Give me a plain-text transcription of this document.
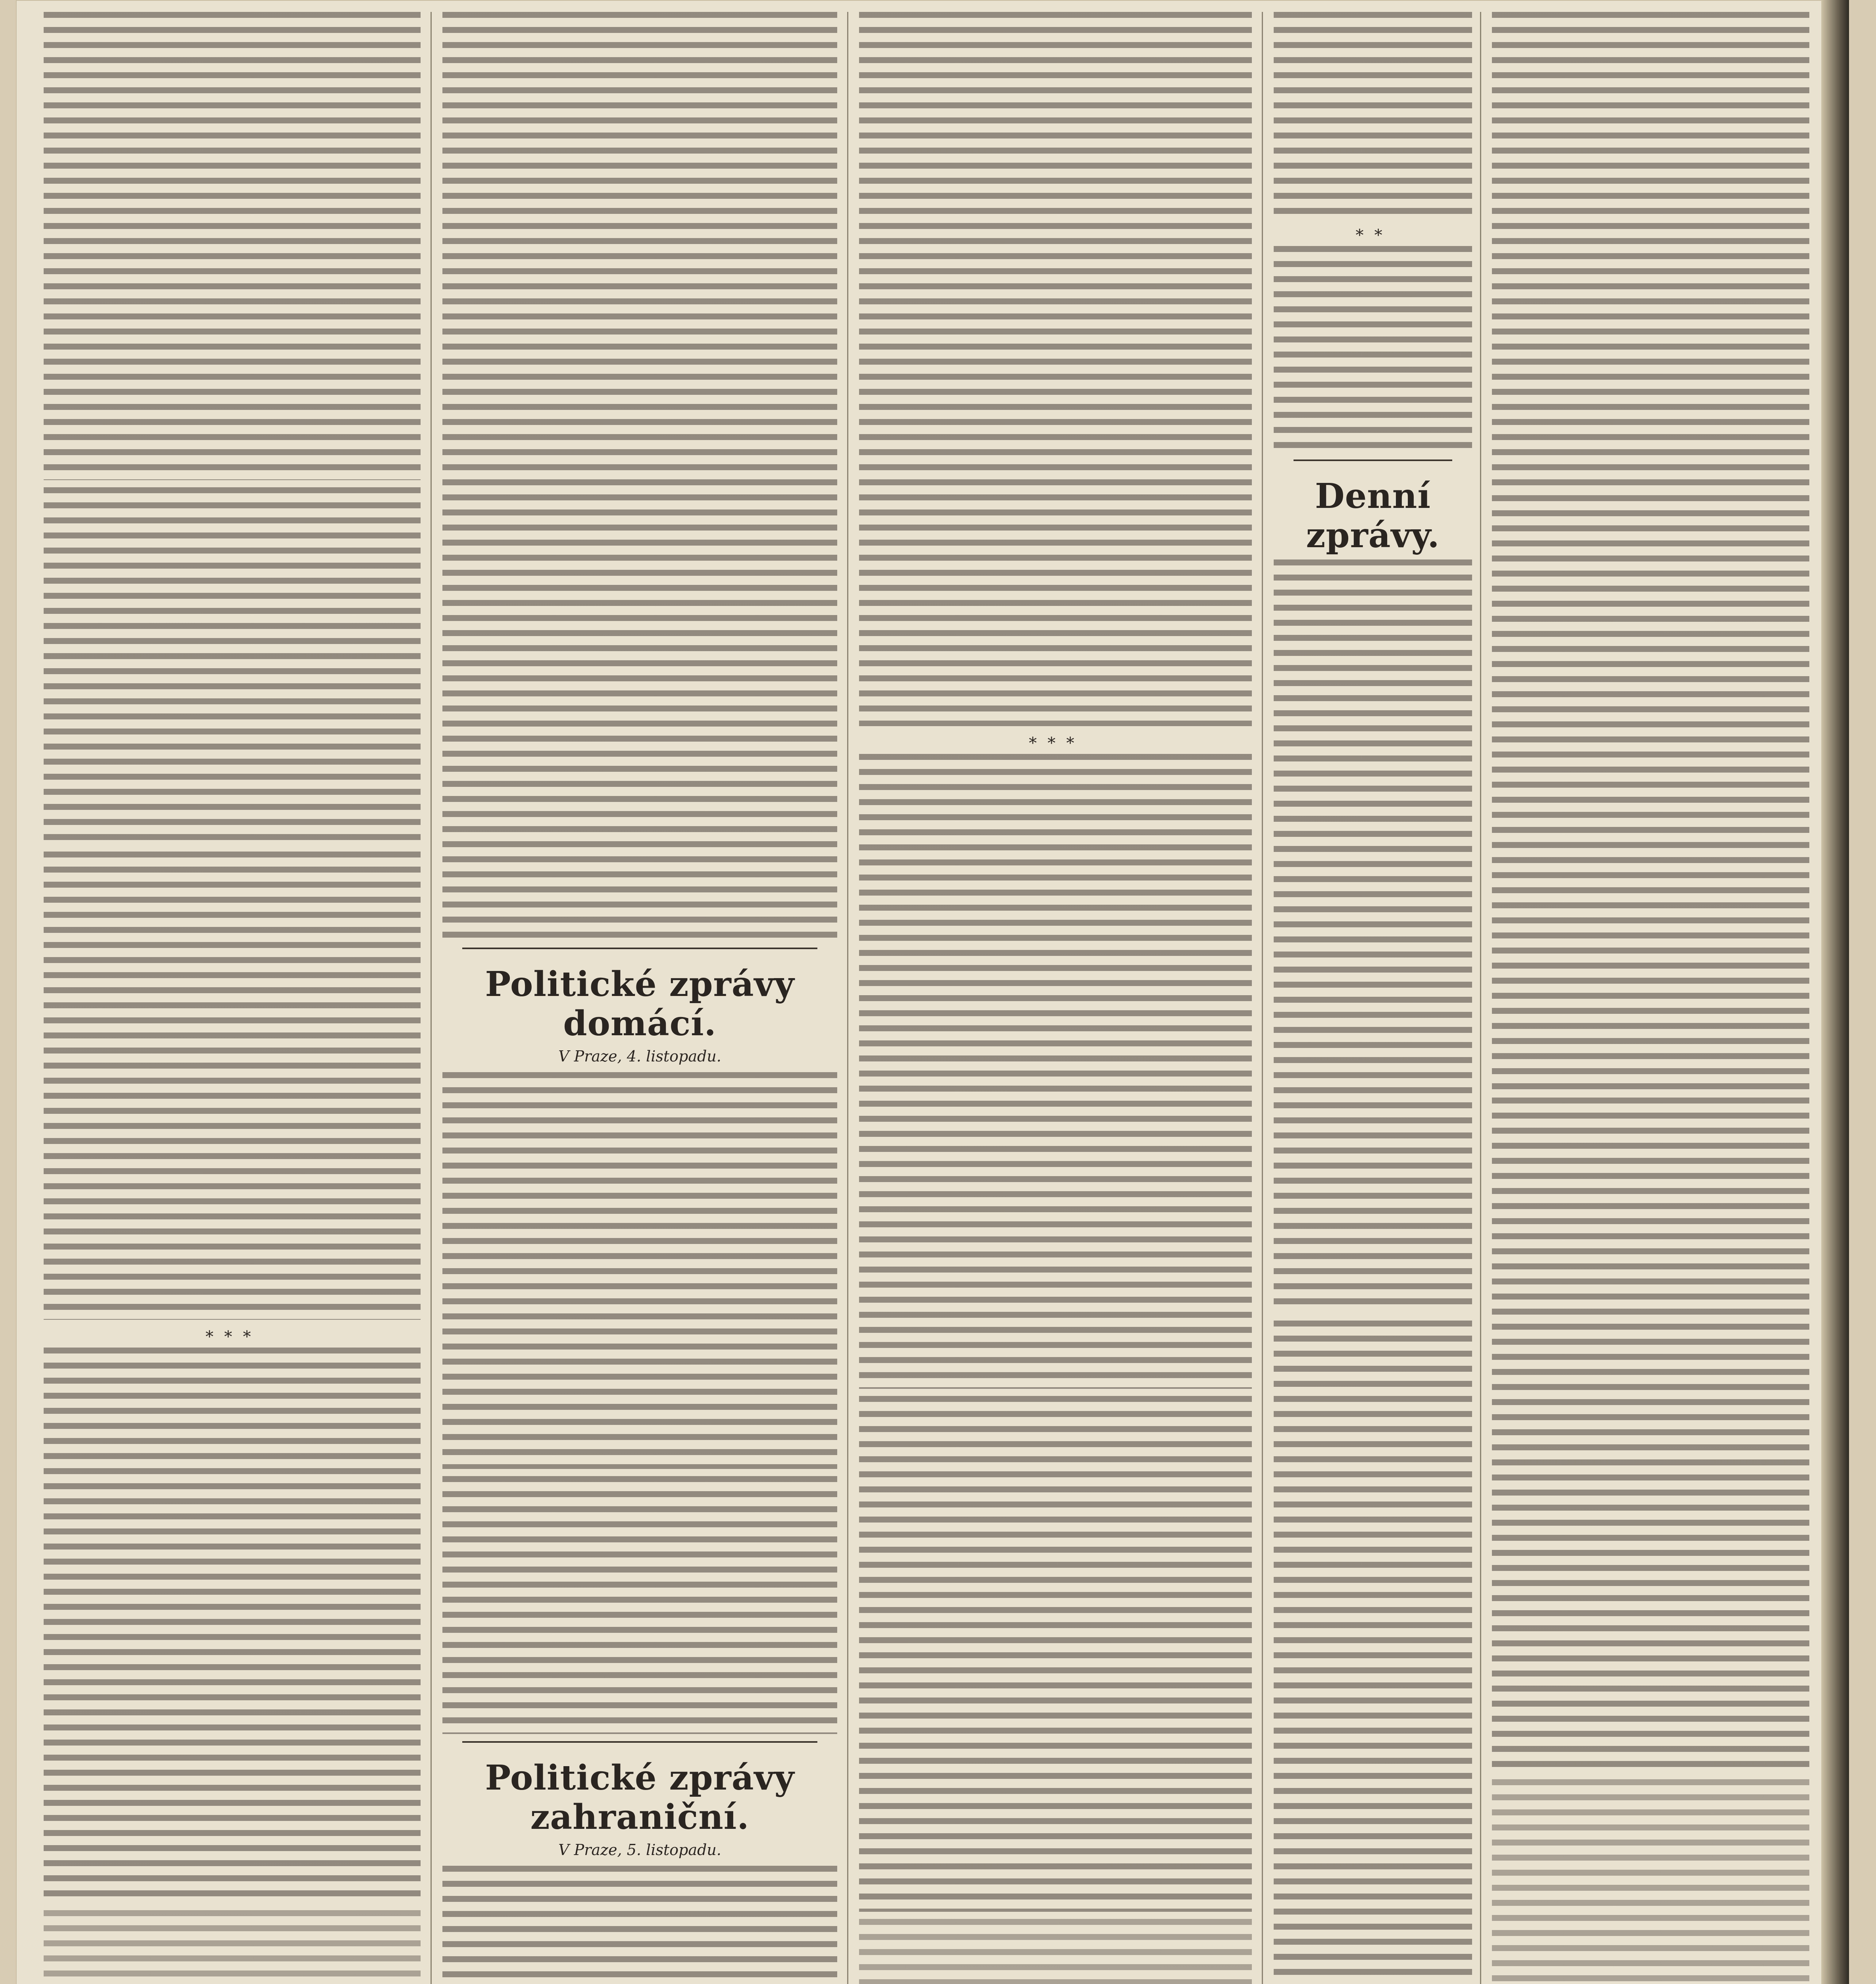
∗∗∗
Politické zprávy domácí.
V Praze, 4. listopadu.
Politické zprávy zahraniční.
V Praze, 5. listopadu.
∗∗∗
∗∗
Denní zprávy.
